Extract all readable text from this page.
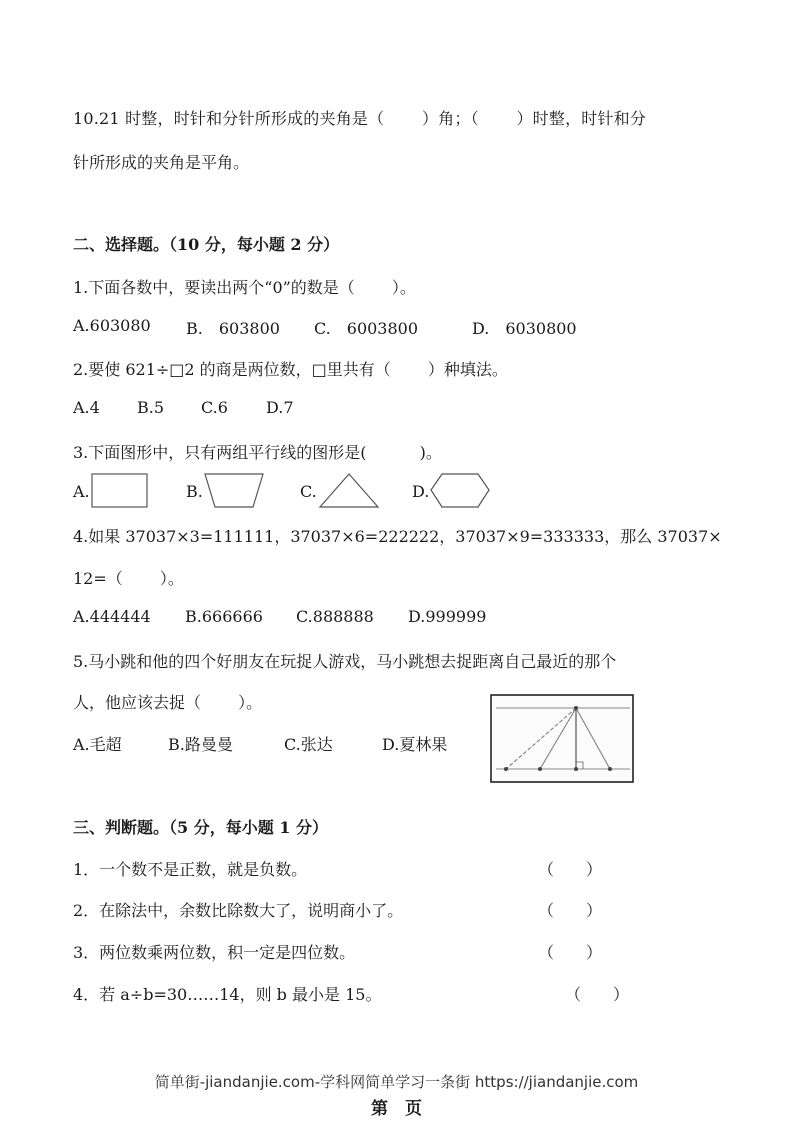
10.21 时整，时针和分针所形成的夹角是（　　 ）角；（　　 ）时整，时针和分
针所形成的夹角是平角。
二、选择题。（10 分，每小题 2 分）
1.下面各数中，要读出两个“0”的数是（　　 ）。
A.603080 B.　603800 C.　6003800	D.　6030800
2.要使 621÷□2 的商是两位数，□里共有（　　 ）种填法。
A.4 B.5 C.6 D.7
3.下面图形中，只有两组平行线的图形是(　　　 )。
A.	B.	C.	D.
4.如果 37037×3=111111，37037×6=222222，37037×9=333333，那么 37037×
12=（　　 ）。
A.444444 B.666666 C.888888 D.999999
5.马小跳和他的四个好朋友在玩捉人游戏，马小跳想去捉距离自己最近的那个
人，他应该去捉（　　 ）。
A.毛超	B.路曼曼	C.张达	D.夏林果
三、判断题。（5 分，每小题 1 分）
1．一个数不是正数，就是负数。	（　　）
2．在除法中，余数比除数大了，说明商小了。	（　　）
3．两位数乘两位数，积一定是四位数。	（　　）
4．若 a÷b=30……14，则 b 最小是 15。	（　　）
简单街-jiandanjie.com-学科网简单学习一条街 https://jiandanjie.com
第　页
